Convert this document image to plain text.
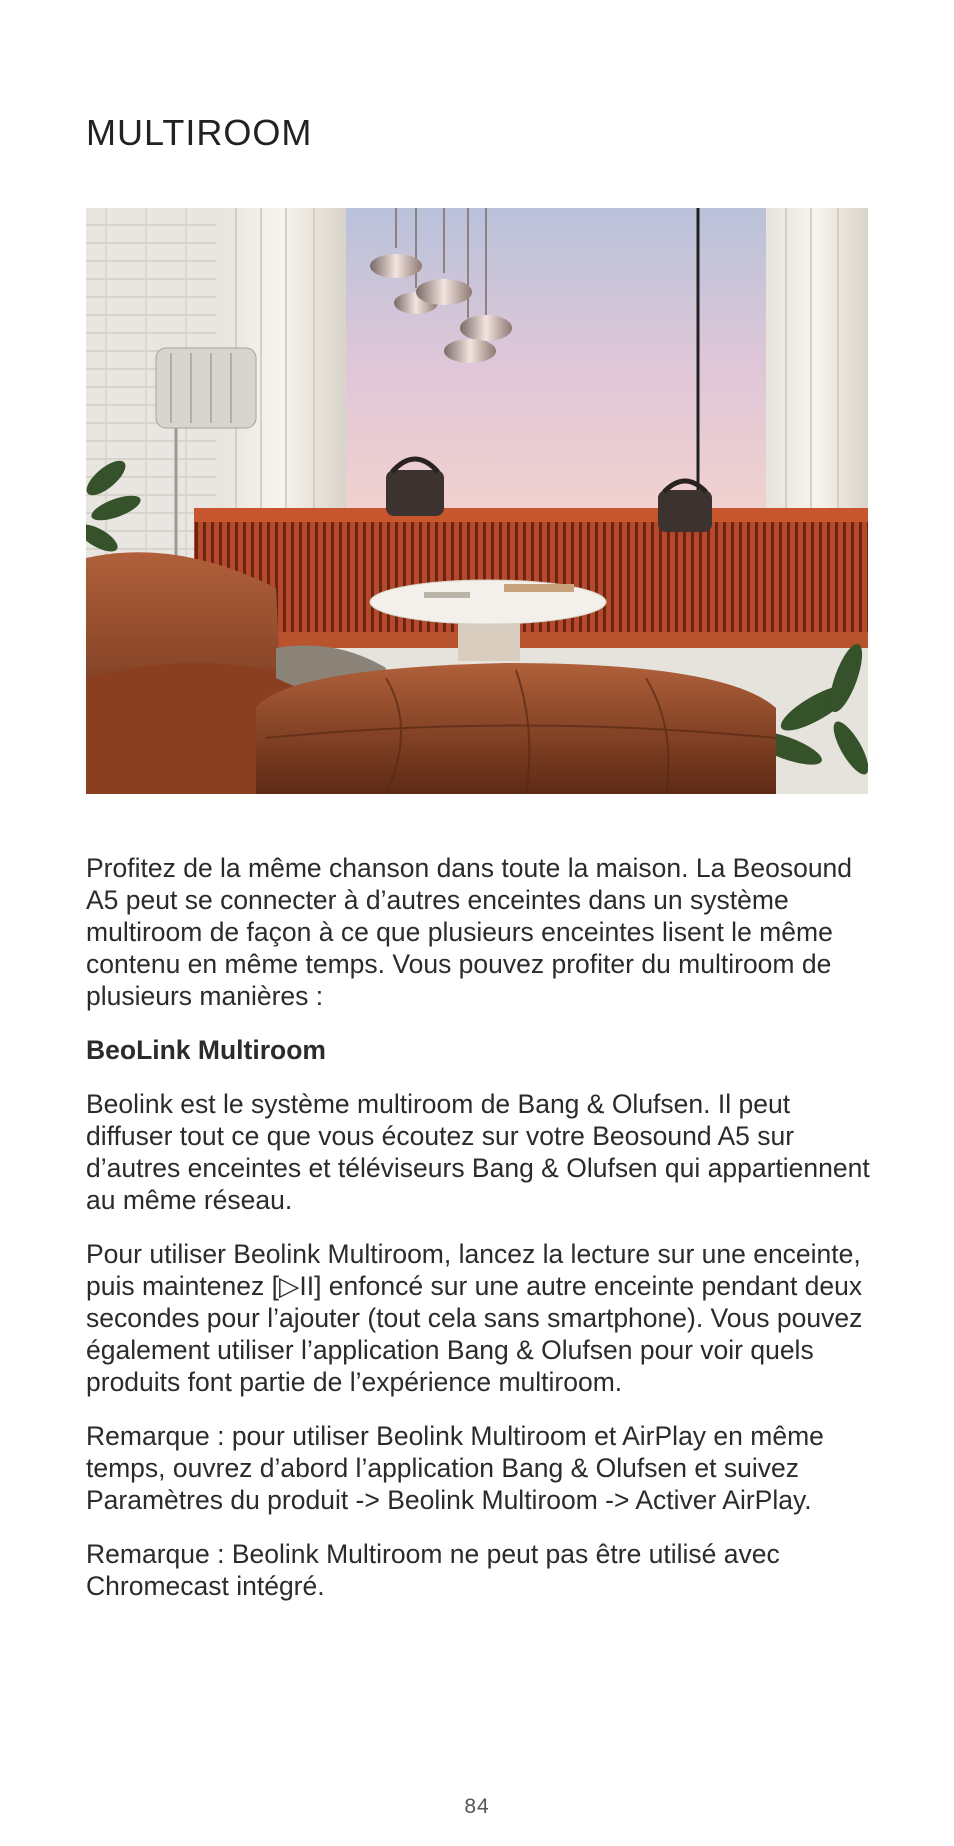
MULTIROOM

Profitez de la même chanson dans toute la maison. La Beosound A5 peut se connecter à d’autres enceintes dans un système multiroom de façon à ce que plusieurs enceintes lisent le même contenu en même temps. Vous pouvez profiter du multiroom de plusieurs manières :

BeoLink Multiroom

Beolink est le système multiroom de Bang & Olufsen. Il peut diffuser tout ce que vous écoutez sur votre Beosound A5 sur d’autres enceintes et téléviseurs Bang & Olufsen qui appartiennent au même réseau.

Pour utiliser Beolink Multiroom, lancez la lecture sur une enceinte, puis maintenez [▷II] enfoncé sur une autre enceinte pendant deux secondes pour l’ajouter (tout cela sans smartphone). Vous pouvez également utiliser l’application Bang & Olufsen pour voir quels produits font partie de l’expérience multiroom.

Remarque : pour utiliser Beolink Multiroom et AirPlay en même temps, ouvrez d’abord l’application Bang & Olufsen et suivez Paramètres du produit -> Beolink Multiroom -> Activer AirPlay.

Remarque : Beolink Multiroom ne peut pas être utilisé avec Chromecast intégré.

84
